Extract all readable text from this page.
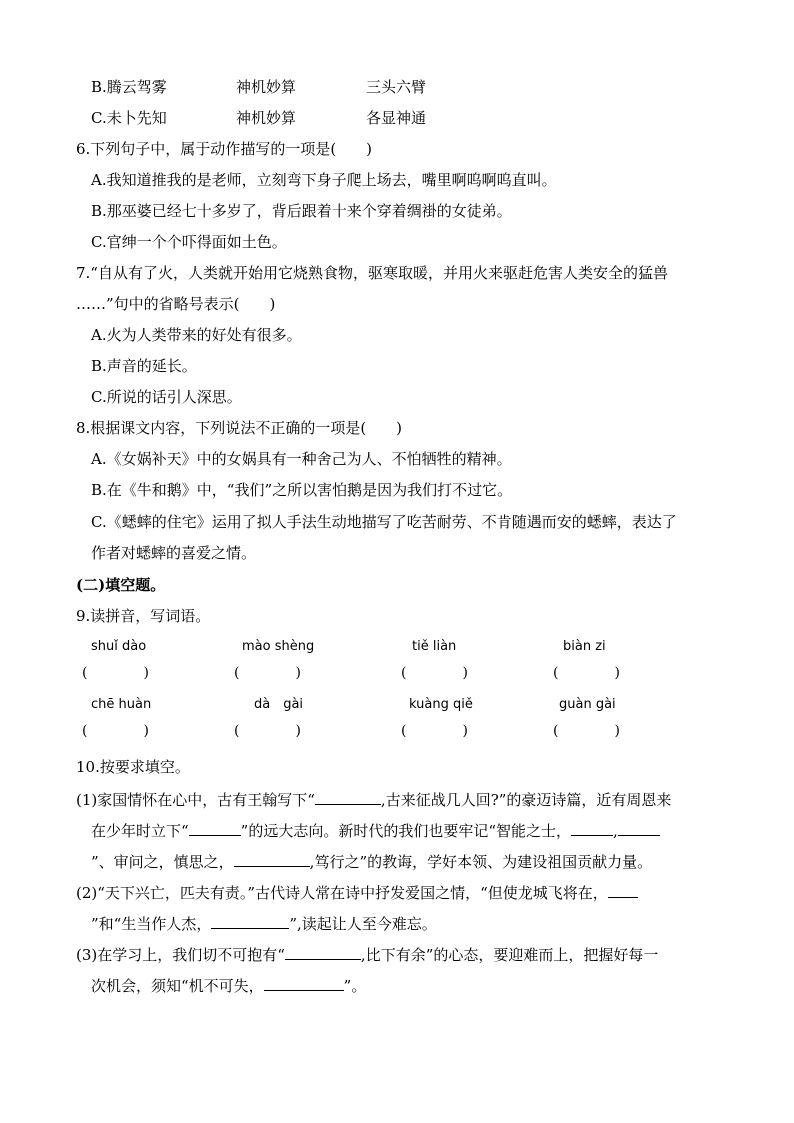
B.腾云驾雾	神机妙算	三头六臂
C.未卜先知	神机妙算	各显神通
6.下列句子中，属于动作描写的一项是(　　)
A.我知道推我的是老师，立刻弯下身子爬上场去，嘴里啊呜啊呜直叫。
B.那巫婆已经七十多岁了，背后跟着十来个穿着绸褂的女徒弟。
C.官绅一个个吓得面如土色。
7.“自从有了火，人类就开始用它烧熟食物，驱寒取暖，并用火来驱赶危害人类安全的猛兽
……”句中的省略号表示(　　)
A.火为人类带来的好处有很多。
B.声音的延长。
C.所说的话引人深思。
8.根据课文内容，下列说法不正确的一项是(　　)
A.《女娲补天》中的女娲具有一种舍己为人、不怕牺牲的精神。
B.在《牛和鹅》中，“我们”之所以害怕鹅是因为我们打不过它。
C.《蟋蟀的住宅》运用了拟人手法生动地描写了吃苦耐劳、不肯随遇而安的蟋蟀，表达了
作者对蟋蟀的喜爱之情。
(二)填空题。
9.读拼音，写词语。
shuǐ dào	mào shèng	tiě liàn	biàn zi
(　　　　)	(　　　　)	(　　　　)	(　　　　)
chē huàn	dà　gài	kuàng qiě	guàn gài
(　　　　)	(　　　　)	(　　　　)	(　　　　)
10.按要求填空。
(1)家国情怀在心中，古有王翰写下“	,古来征战几人回?”的豪迈诗篇，近有周恩来
在少年时立下“	”的远大志向。新时代的我们也要牢记“智能之士，	,
”、审问之，慎思之，	,笃行之”的教诲，学好本领、为建设祖国贡献力量。
(2)“天下兴亡，匹夫有责。”古代诗人常在诗中抒发爱国之情，“但使龙城飞将在，
”和“生当作人杰，	”,读起让人至今难忘。
(3)在学习上，我们切不可抱有“	,比下有余”的心态，要迎难而上，把握好每一
次机会，须知“机不可失，	”。
